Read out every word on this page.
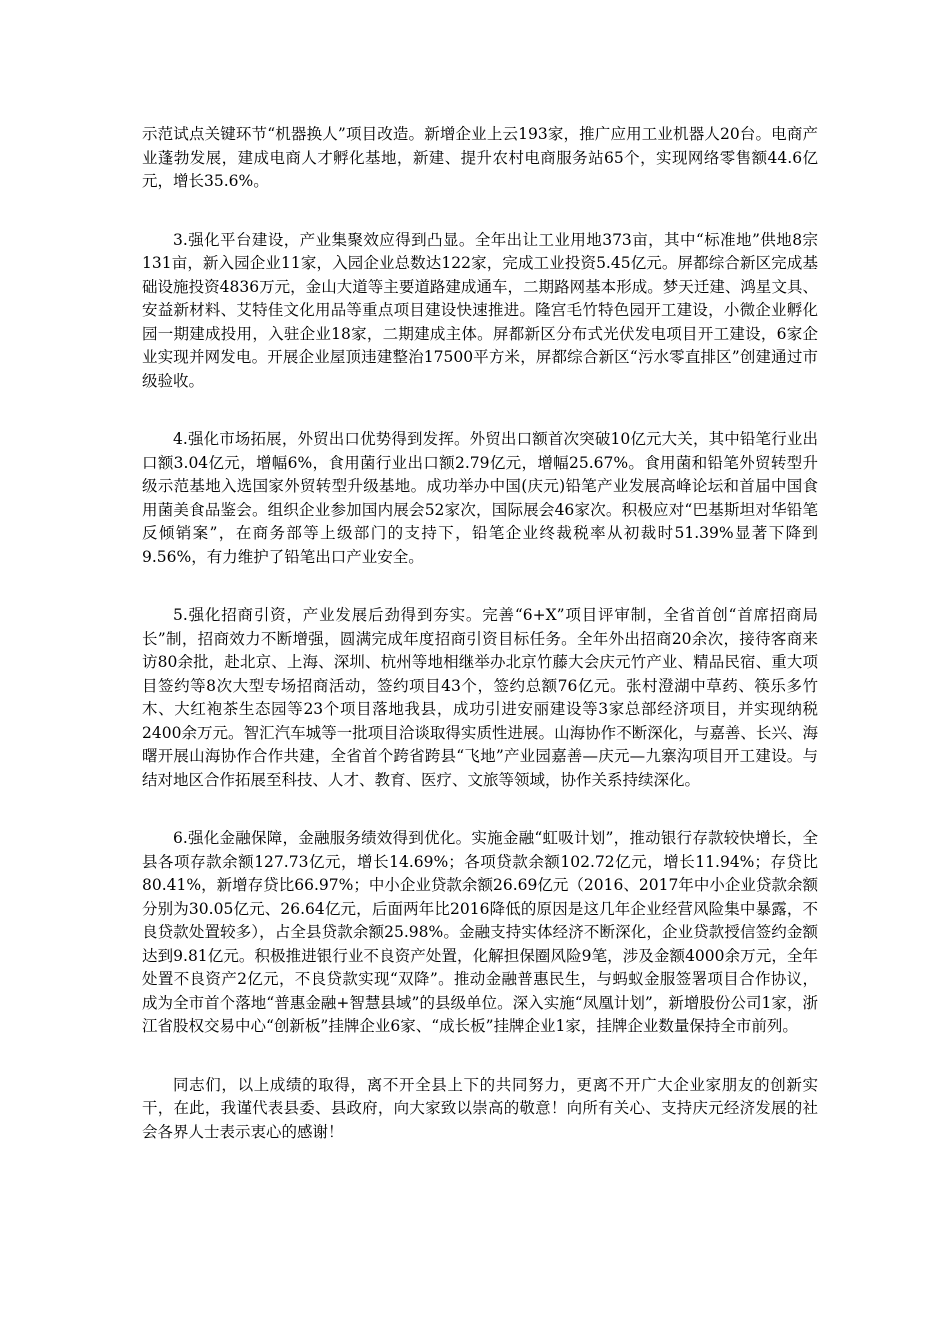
示范试点关键环节“机器换人”项目改造。新增企业上云193家，推广应用工业机器人20台。电商产业蓬勃发展，建成电商人才孵化基地，新建、提升农村电商服务站65个，实现网络零售额44.6亿元，增长35.6%。

3.强化平台建设，产业集聚效应得到凸显。全年出让工业用地373亩，其中“标准地”供地8宗131亩，新入园企业11家，入园企业总数达122家，完成工业投资5.45亿元。屏都综合新区完成基础设施投资4836万元，金山大道等主要道路建成通车，二期路网基本形成。梦天迁建、鸿星文具、安益新材料、艾特佳文化用品等重点项目建设快速推进。隆宫毛竹特色园开工建设，小微企业孵化园一期建成投用，入驻企业18家，二期建成主体。屏都新区分布式光伏发电项目开工建设，6家企业实现并网发电。开展企业屋顶违建整治17500平方米，屏都综合新区“污水零直排区”创建通过市级验收。

4.强化市场拓展，外贸出口优势得到发挥。外贸出口额首次突破10亿元大关，其中铅笔行业出口额3.04亿元，增幅6%，食用菌行业出口额2.79亿元，增幅25.67%。食用菌和铅笔外贸转型升级示范基地入选国家外贸转型升级基地。成功举办中国(庆元)铅笔产业发展高峰论坛和首届中国食用菌美食品鉴会。组织企业参加国内展会52家次，国际展会46家次。积极应对“巴基斯坦对华铅笔反倾销案”，在商务部等上级部门的支持下，铅笔企业终裁税率从初裁时51.39%显著下降到9.56%，有力维护了铅笔出口产业安全。

5.强化招商引资，产业发展后劲得到夯实。完善“6+X”项目评审制，全省首创“首席招商局长”制，招商效力不断增强，圆满完成年度招商引资目标任务。全年外出招商20余次，接待客商来访80余批，赴北京、上海、深圳、杭州等地相继举办北京竹藤大会庆元竹产业、精品民宿、重大项目签约等8次大型专场招商活动，签约项目43个，签约总额76亿元。张村澄湖中草药、筷乐多竹木、大红袍茶生态园等23个项目落地我县，成功引进安丽建设等3家总部经济项目，并实现纳税2400余万元。智汇汽车城等一批项目洽谈取得实质性进展。山海协作不断深化，与嘉善、长兴、海曙开展山海协作合作共建，全省首个跨省跨县“飞地”产业园嘉善—庆元—九寨沟项目开工建设。与结对地区合作拓展至科技、人才、教育、医疗、文旅等领域，协作关系持续深化。

6.强化金融保障，金融服务绩效得到优化。实施金融“虹吸计划”，推动银行存款较快增长，全县各项存款余额127.73亿元，增长14.69%；各项贷款余额102.72亿元，增长11.94%；存贷比80.41%，新增存贷比66.97%；中小企业贷款余额26.69亿元（2016、2017年中小企业贷款余额分别为30.05亿元、26.64亿元，后面两年比2016降低的原因是这几年企业经营风险集中暴露，不良贷款处置较多），占全县贷款余额25.98%。金融支持实体经济不断深化，企业贷款授信签约金额达到9.81亿元。积极推进银行业不良资产处置，化解担保圈风险9笔，涉及金额4000余万元，全年处置不良资产2亿元，不良贷款实现“双降”。推动金融普惠民生，与蚂蚁金服签署项目合作协议，成为全市首个落地“普惠金融+智慧县域”的县级单位。深入实施“凤凰计划”，新增股份公司1家，浙江省股权交易中心“创新板”挂牌企业6家、“成长板”挂牌企业1家，挂牌企业数量保持全市前列。

同志们，以上成绩的取得，离不开全县上下的共同努力，更离不开广大企业家朋友的创新实干，在此，我谨代表县委、县政府，向大家致以崇高的敬意！向所有关心、支持庆元经济发展的社会各界人士表示衷心的感谢！
